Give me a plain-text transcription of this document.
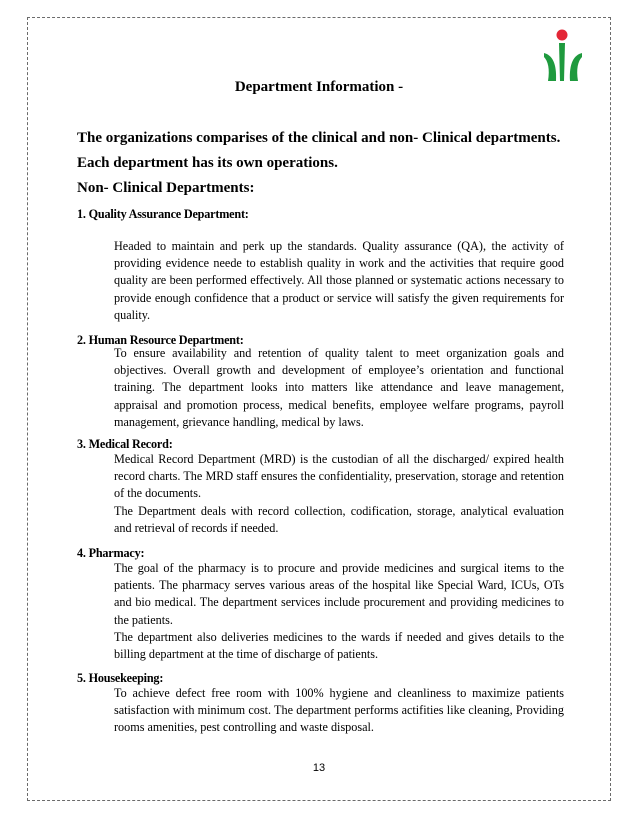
Department Information -

The organizations comparises of the clinical and non- Clinical departments.

Each department has its own operations.

Non- Clinical Departments:

1. Quality Assurance Department:

Headed to maintain and perk up the standards. Quality assurance (QA), the activity of providing evidence neede to establish quality in work and the activities that require good quality are been performed effectively. All those planned or systematic actions necessary to provide enough confidence that a product or service will satisfy the given requirements for quality.

2. Human Resource Department:

To ensure availability and retention of quality talent to meet organization goals and objectives. Overall growth and development of employee’s orientation and functional training. The department looks into matters like attendance and leave management, appraisal and promotion process, medical benefits, employee welfare programs, payroll management, grievance handling, medical by laws.

3. Medical Record:

Medical Record Department (MRD) is the custodian of all the discharged/ expired health record charts. The MRD staff ensures the confidentiality, preservation, storage and retention of the documents.

The Department deals with record collection, codification, storage, analytical evaluation and retrieval of records if needed.

4. Pharmacy:

The goal of the pharmacy is to procure and provide medicines and surgical items to the patients. The pharmacy serves various areas of the hospital like Special Ward, ICUs, OTs and bio medical. The department services include procurement and providing medicines to the patients.

The department also deliveries medicines to the wards if needed and gives details to the billing department at the time of discharge of patients.

5. Housekeeping:

To achieve defect free room with 100% hygiene and cleanliness to maximize patients satisfaction with minimum cost. The department performs actifities like cleaning, Providing rooms amenities, pest controlling and waste disposal.

13
